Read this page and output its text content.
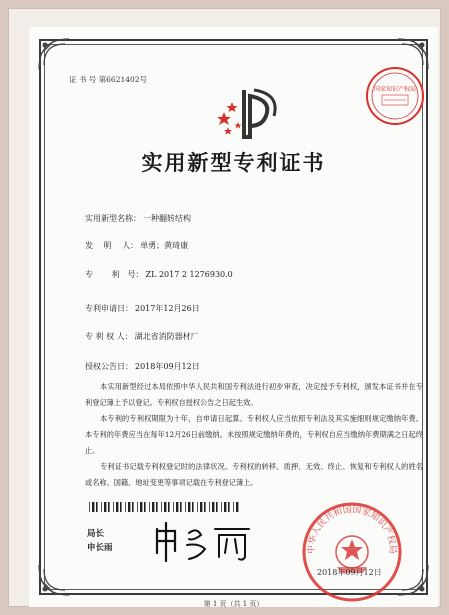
证 书 号 第6621402号
国家知识产权局
实用新型专利证书
实用新型名称： 一种翻转结构
发　 明　 人： 单勇；黄琦康
专　　 利　号： ZL 2017 2 1276930.0
专利申请日： 2017年12月26日
专 利 权 人： 湖北省消防器材厂
授权公告日： 2018年09月12日

本实用新型经过本局依照中华人民共和国专利法进行初步审查，决定授予专利权，颁发本证书并在专利登记簿上予以登记。专利权自授权公告之日起生效。

本专利的专利权期限为十年，自申请日起算。专利权人应当依照专利法及其实施细则规定缴纳年费。本专利的年费应当在每年12月26日前缴纳。未按照规定缴纳年费的，专利权自应当缴纳年费期满之日起终止。

专利证书记载专利权登记时的法律状况。专利权的转移、质押、无效、终止、恢复和专利权人的姓名或名称、国籍、地址变更等事项记载在专利登记簿上。

局长
申长雨	中华人民共和国国家知识产权局
2018年09月12日
第 1 页（共 1 页）
